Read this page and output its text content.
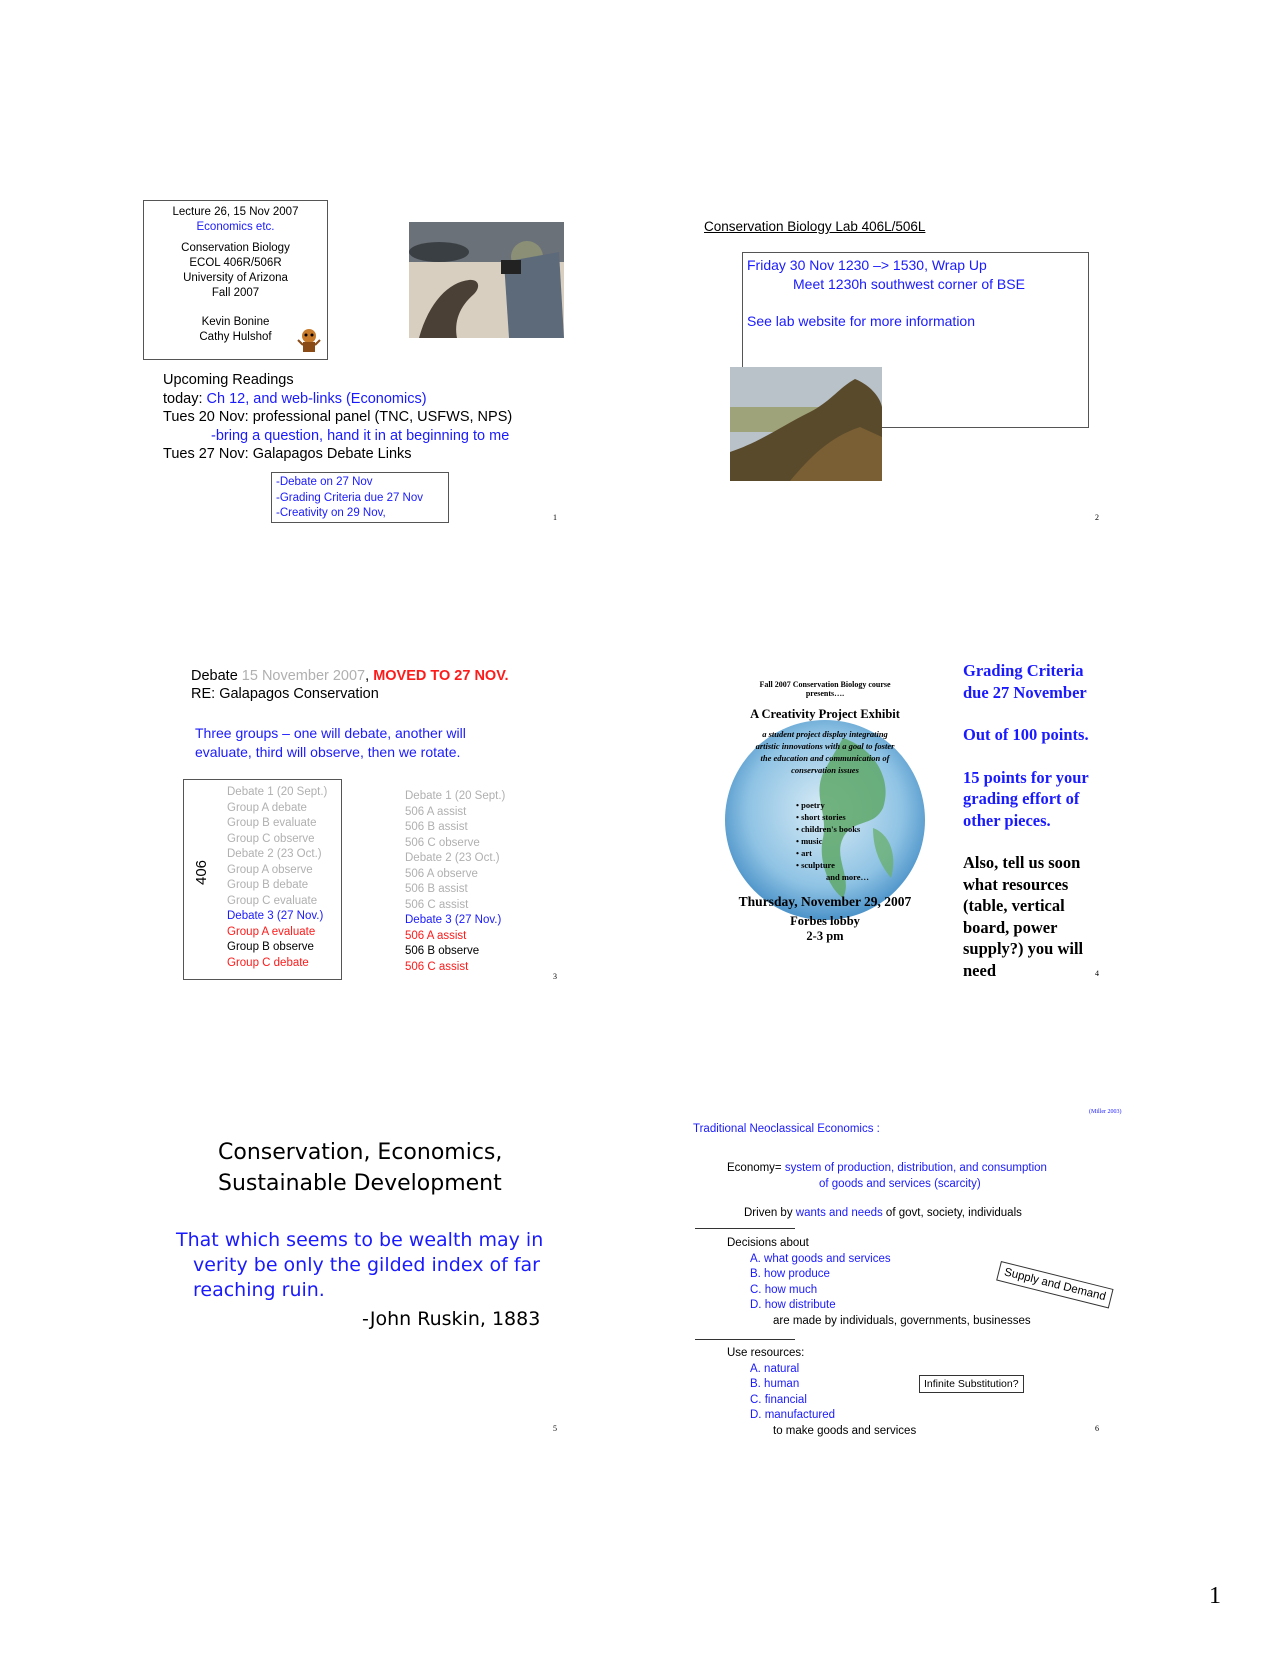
Lecture 26, 15 Nov 2007
Economics etc.
Conservation Biology
ECOL 406R/506R
University of Arizona
Fall 2007
Kevin Bonine
Cathy Hulshof
Upcoming Readings
today: Ch 12, and web-links (Economics)
Tues 20 Nov: professional panel (TNC, USFWS, NPS)
-bring a question, hand it in at beginning to me
Tues 27 Nov: Galapagos Debate Links
-Debate on 27 Nov
-Grading Criteria due 27 Nov
-Creativity on 29 Nov,	1
Conservation Biology Lab 406L/506L
Friday 30 Nov 1230 –> 1530, Wrap Up
Meet 1230h southwest corner of BSE
See lab website for more information
2
Debate 15 November 2007, MOVED TO 27 NOV.
RE: Galapagos Conservation
Three groups – one will debate, another will
evaluate, third will observe, then we rotate.
406
Debate 1 (20 Sept.)
Group A debate
Group B evaluate
Group C observe
Debate 2 (23 Oct.)
Group A observe
Group B debate
Group C evaluate
Debate 3 (27 Nov.)
Group A evaluate
Group B observe
Group C debate
Debate 1 (20 Sept.)
506 A assist
506 B assist
506 C observe
Debate 2 (23 Oct.)
506 A observe
506 B assist
506 C assist
Debate 3 (27 Nov.)
506 A assist
506 B observe
506 C assist
3
Fall 2007 Conservation Biology course
presents….
A Creativity Project Exhibit
a student project display integrating
artistic innovations with a goal to foster
the education and communication of
conservation issues
• poetry
• short stories
• children's books
• music
• art
• sculpture
and more…
Thursday, November 29, 2007
Forbes lobby
2-3 pm
Grading Criteria
due 27 November
Out of 100 points.
15 points for your
grading effort of
other pieces.
Also, tell us soon
what resources
(table, vertical
board, power
supply?) you will
need	4
Conservation, Economics,
Sustainable Development
That which seems to be wealth may in
verity be only the gilded index of far
reaching ruin.
-John Ruskin, 1883
5
(Miller 2003)
Traditional Neoclassical Economics :
Economy= system of production, distribution, and consumption
of goods and services (scarcity)
Driven by wants and needs of govt, society, individuals
Decisions about
A. what goods and services
B. how produce
C. how much
D. how distribute
are made by individuals, governments, businesses
Supply and Demand
Use resources:
A. natural
B. human
C. financial
D. manufactured
to make goods and services
Infinite Substitution?
6
1
